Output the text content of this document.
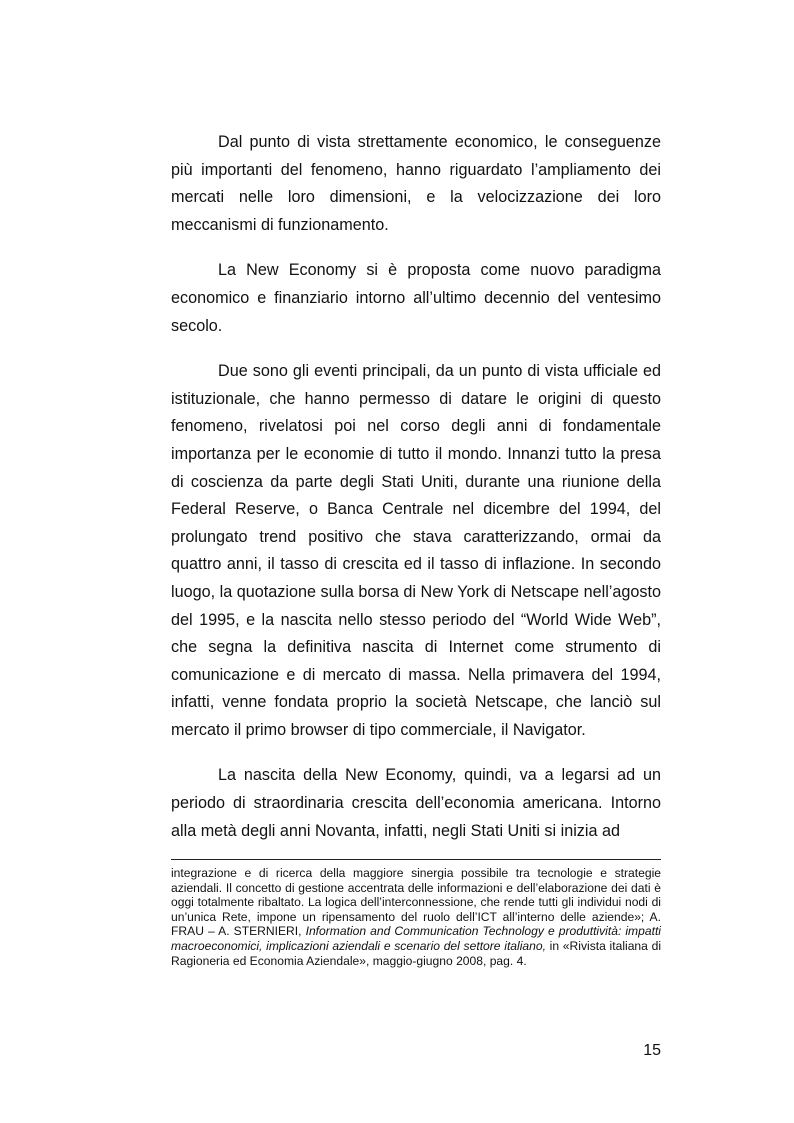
Dal punto di vista strettamente economico, le conseguenze più importanti del fenomeno, hanno riguardato l’ampliamento dei mercati nelle loro dimensioni, e la velocizzazione dei loro meccanismi di funzionamento.

La New Economy si è proposta come nuovo paradigma economico e finanziario intorno all’ultimo decennio del ventesimo secolo.

Due sono gli eventi principali, da un punto di vista ufficiale ed istituzionale, che hanno permesso di datare le origini di questo fenomeno, rivelatosi poi nel corso degli anni di fondamentale importanza per le economie di tutto il mondo. Innanzi tutto la presa di coscienza da parte degli Stati Uniti, durante una riunione della Federal Reserve, o Banca Centrale nel dicembre del 1994, del prolungato trend positivo che stava caratterizzando, ormai da quattro anni, il tasso di crescita ed il tasso di inflazione. In secondo luogo, la quotazione sulla borsa di New York di Netscape nell’agosto del 1995, e la nascita nello stesso periodo del “World Wide Web”, che segna la definitiva nascita di Internet come strumento di comunicazione e di mercato di massa. Nella primavera del 1994, infatti, venne fondata proprio la società Netscape, che lanciò sul mercato il primo browser di tipo commerciale, il Navigator.

La nascita della New Economy, quindi, va a legarsi ad un periodo di straordinaria crescita dell’economia americana. Intorno alla metà degli anni Novanta, infatti, negli Stati Uniti si inizia ad

integrazione e di ricerca della maggiore sinergia possibile tra tecnologie e strategie aziendali. Il concetto di gestione accentrata delle informazioni e dell’elaborazione dei dati è oggi totalmente ribaltato. La logica dell’interconnessione, che rende tutti gli individui nodi di un’unica Rete, impone un ripensamento del ruolo dell’ICT all’interno delle aziende»; A. FRAU – A. STERNIERI, Information and Communication Technology e produttività: impatti macroeconomici, implicazioni aziendali e scenario del settore italiano, in «Rivista italiana di Ragioneria ed Economia Aziendale», maggio-giugno 2008, pag. 4.

15
